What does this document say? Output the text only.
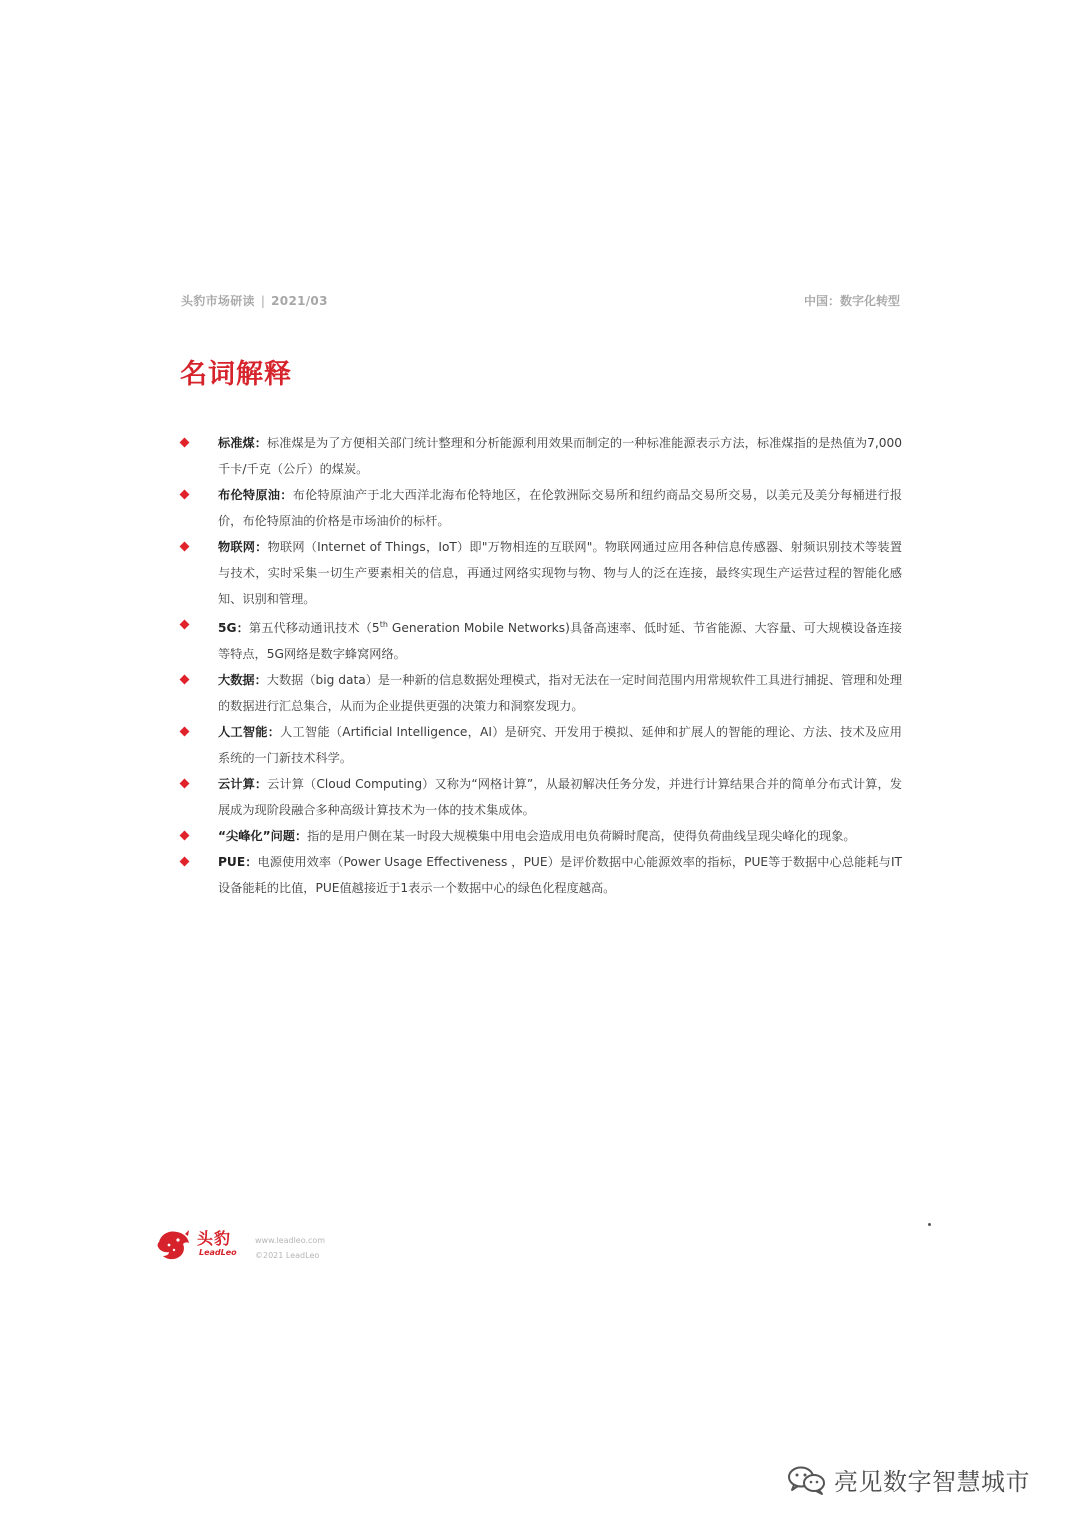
头豹市场研读 | 2021/03	中国：数字化转型
名词解释
标准煤：标准煤是为了方便相关部门统计整理和分析能源利用效果而制定的一种标准能源表示方法，标准煤指的是热值为7,000千卡/千克（公斤）的煤炭。
布伦特原油：布伦特原油产于北大西洋北海布伦特地区，在伦敦洲际交易所和纽约商品交易所交易，以美元及美分每桶进行报价，布伦特原油的价格是市场油价的标杆。
物联网：物联网（Internet of Things，IoT）即"万物相连的互联网"。物联网通过应用各种信息传感器、射频识别技术等装置与技术，实时采集一切生产要素相关的信息，再通过网络实现物与物、物与人的泛在连接，最终实现生产运营过程的智能化感知、识别和管理。
5G：第五代移动通讯技术（5th Generation Mobile Networks)具备高速率、低时延、节省能源、大容量、可大规模设备连接等特点，5G网络是数字蜂窝网络。
大数据：大数据（big data）是一种新的信息数据处理模式，指对无法在一定时间范围内用常规软件工具进行捕捉、管理和处理的数据进行汇总集合，从而为企业提供更强的决策力和洞察发现力。
人工智能：人工智能（Artificial Intelligence，AI）是研究、开发用于模拟、延伸和扩展人的智能的理论、方法、技术及应用系统的一门新技术科学。
云计算：云计算（Cloud Computing）又称为“网格计算”，从最初解决任务分发，并进行计算结果合并的简单分布式计算，发展成为现阶段融合多种高级计算技术为一体的技术集成体。
“尖峰化”问题：指的是用户侧在某一时段大规模集中用电会造成用电负荷瞬时爬高，使得负荷曲线呈现尖峰化的现象。
PUE：电源使用效率（Power Usage Effectiveness ，PUE）是评价数据中心能源效率的指标，PUE等于数据中心总能耗与IT设备能耗的比值，PUE值越接近于1表示一个数据中心的绿色化程度越高。
头豹
LeadLeo
www.leadleo.com
©2021 LeadLeo
亮见数字智慧城市
